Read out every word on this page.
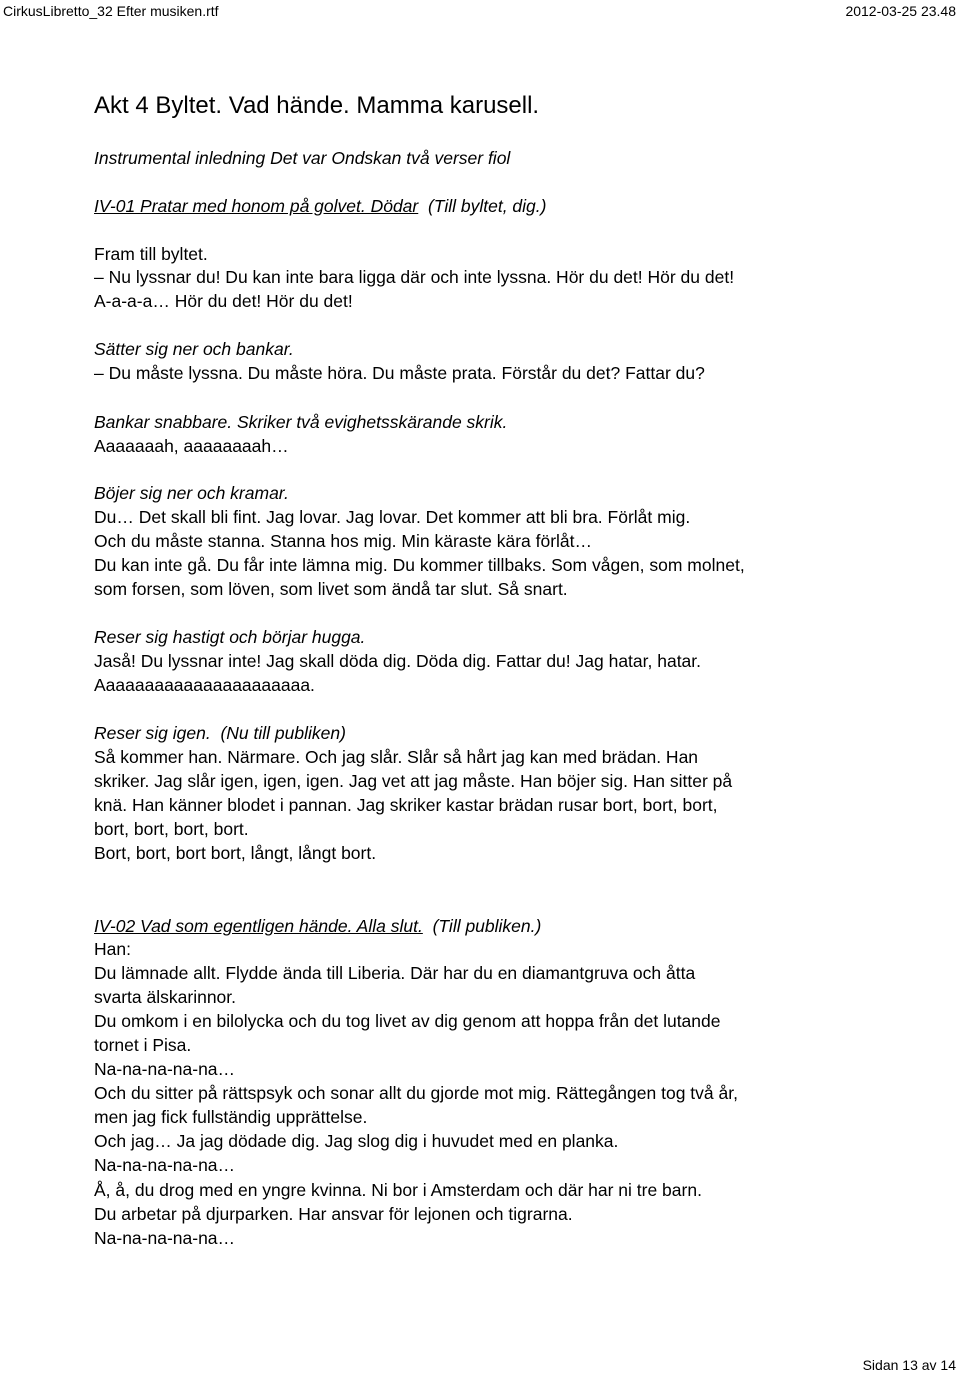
CirkusLibretto_32 Efter musiken.rtf	2012-03-25 23.48
Akt 4 Byltet. Vad hände. Mamma karusell.
Instrumental inledning Det var Ondskan två verser fiol
IV-01 Pratar med honom på golvet. Dödar (Till byltet, dig.)
Fram till byltet.
– Nu lyssnar du! Du kan inte bara ligga där och inte lyssna. Hör du det! Hör du det!
A-a-a-a… Hör du det! Hör du det!
Sätter sig ner och bankar.
– Du måste lyssna. Du måste höra. Du måste prata. Förstår du det? Fattar du?
Bankar snabbare. Skriker två evighetsskärande skrik.
Aaaaaaah, aaaaaaaah…
Böjer sig ner och kramar.
Du… Det skall bli fint. Jag lovar. Jag lovar. Det kommer att bli bra. Förlåt mig.
Och du måste stanna. Stanna hos mig. Min käraste kära förlåt…
Du kan inte gå. Du får inte lämna mig. Du kommer tillbaks. Som vågen, som molnet,
som forsen, som löven, som livet som ändå tar slut. Så snart.
Reser sig hastigt och börjar hugga.
Jaså! Du lyssnar inte! Jag skall döda dig. Döda dig. Fattar du! Jag hatar, hatar.
Aaaaaaaaaaaaaaaaaaaaaa.
Reser sig igen. (Nu till publiken)
Så kommer han. Närmare. Och jag slår. Slår så hårt jag kan med brädan. Han
skriker. Jag slår igen, igen, igen. Jag vet att jag måste. Han böjer sig. Han sitter på
knä. Han känner blodet i pannan. Jag skriker kastar brädan rusar bort, bort, bort,
bort, bort, bort, bort.
Bort, bort, bort bort, långt, långt bort.
IV-02 Vad som egentligen hände. Alla slut. (Till publiken.)
Han:
Du lämnade allt. Flydde ända till Liberia. Där har du en diamantgruva och åtta
svarta älskarinnor.
Du omkom i en bilolycka och du tog livet av dig genom att hoppa från det lutande
tornet i Pisa.
Na-na-na-na-na…
Och du sitter på rättspsyk och sonar allt du gjorde mot mig. Rättegången tog två år,
men jag fick fullständig upprättelse.
Och jag… Ja jag dödade dig. Jag slog dig i huvudet med en planka.
Na-na-na-na-na…
Å, å, du drog med en yngre kvinna. Ni bor i Amsterdam och där har ni tre barn.
Du arbetar på djurparken. Har ansvar för lejonen och tigrarna.
Na-na-na-na-na…
Sidan 13 av 14
